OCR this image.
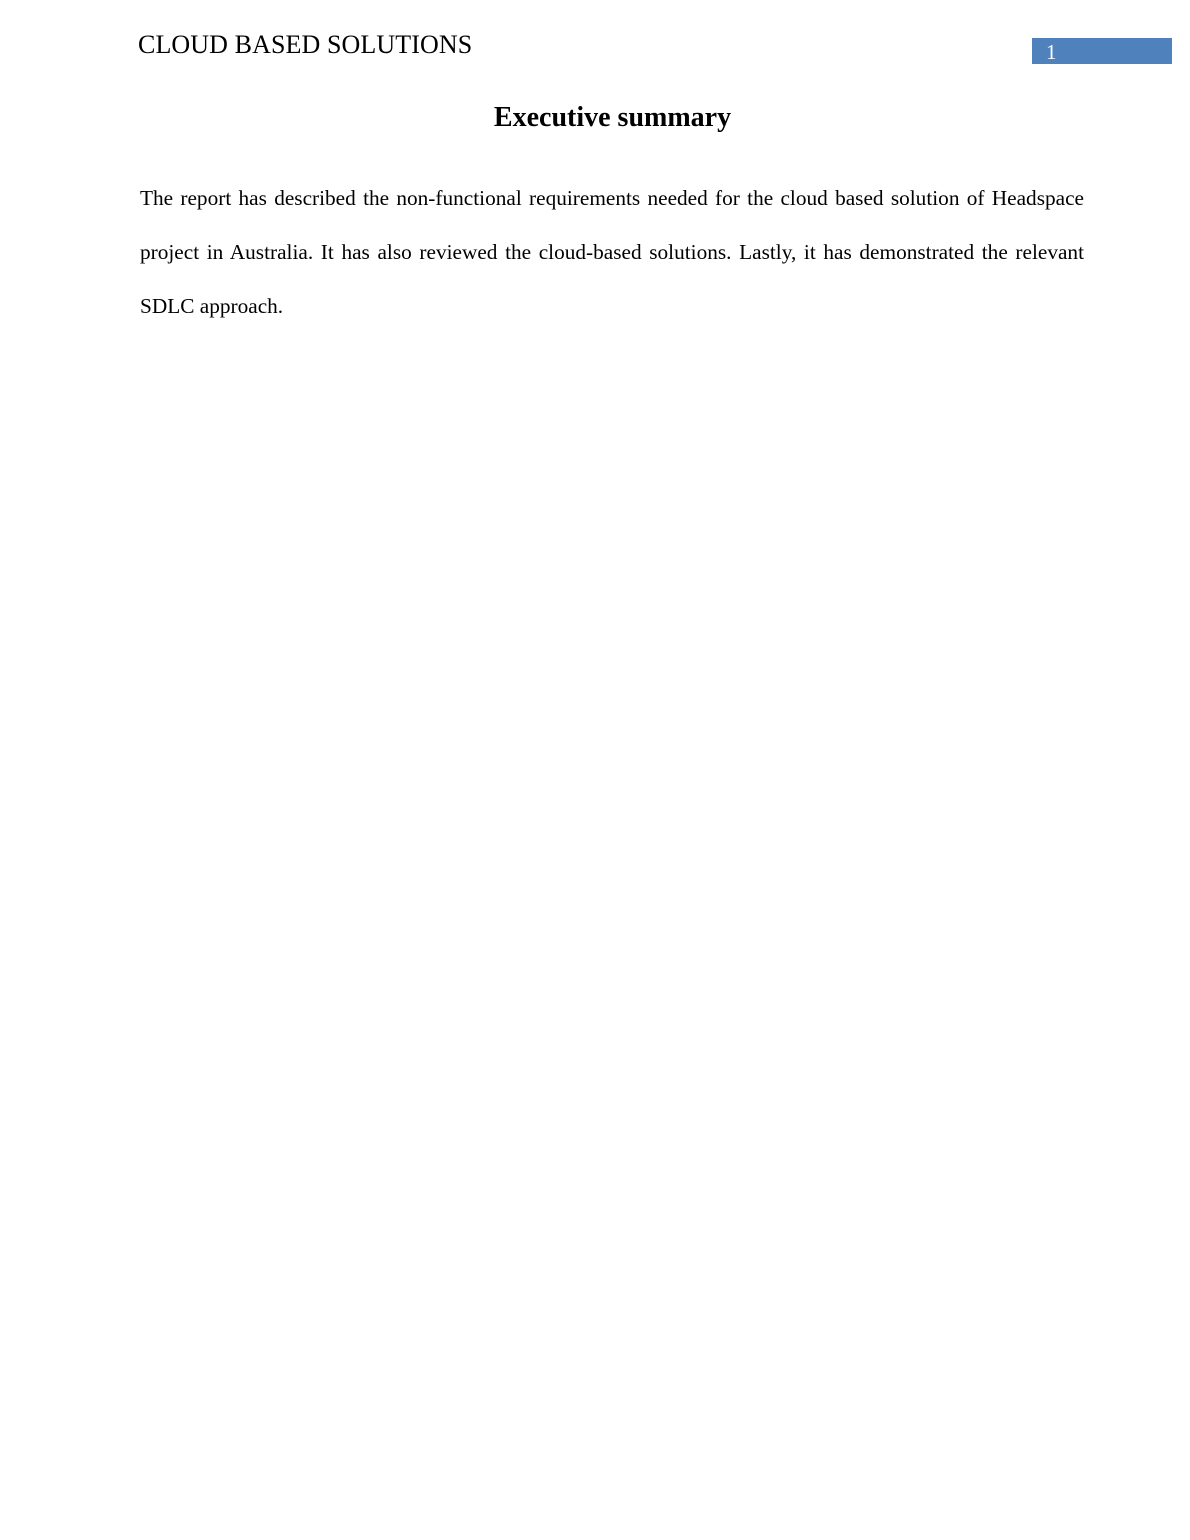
CLOUD BASED SOLUTIONS	1
Executive summary

The report has described the non-functional requirements needed for the cloud based solution of Headspace project in Australia. It has also reviewed the cloud-based solutions. Lastly, it has demonstrated the relevant SDLC approach.
